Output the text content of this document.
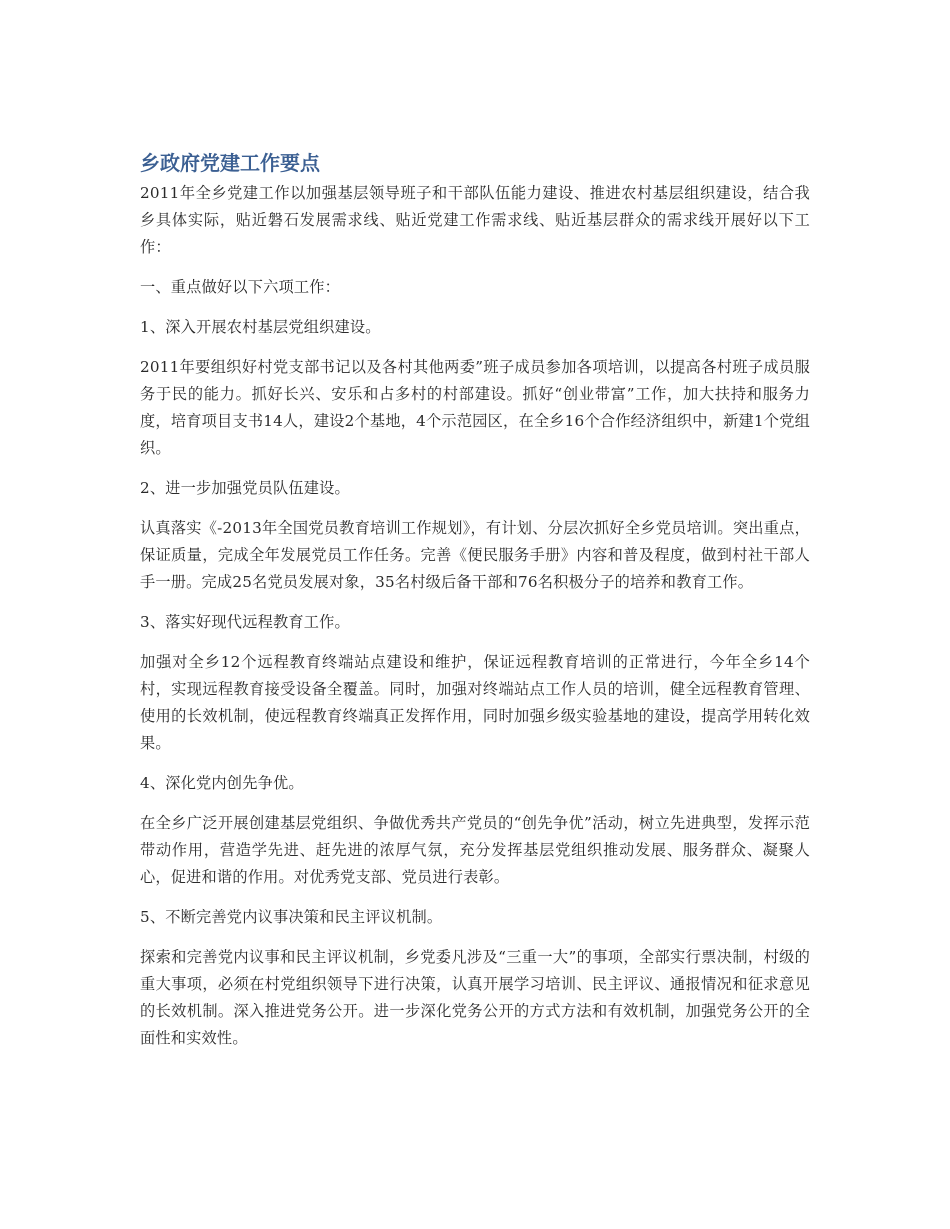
乡政府党建工作要点

2011年全乡党建工作以加强基层领导班子和干部队伍能力建设、推进农村基层组织建设，结合我乡具体实际，贴近磐石发展需求线、贴近党建工作需求线、贴近基层群众的需求线开展好以下工作：

一、重点做好以下六项工作：

1、深入开展农村基层党组织建设。

2011年要组织好村党支部书记以及各村其他两委”班子成员参加各项培训，以提高各村班子成员服务于民的能力。抓好长兴、安乐和占多村的村部建设。抓好“创业带富”工作，加大扶持和服务力度，培育项目支书14人，建设2个基地，4个示范园区，在全乡16个合作经济组织中，新建1个党组织。

2、进一步加强党员队伍建设。

认真落实《-2013年全国党员教育培训工作规划》，有计划、分层次抓好全乡党员培训。突出重点，保证质量，完成全年发展党员工作任务。完善《便民服务手册》内容和普及程度，做到村社干部人手一册。完成25名党员发展对象，35名村级后备干部和76名积极分子的培养和教育工作。

3、落实好现代远程教育工作。

加强对全乡12个远程教育终端站点建设和维护，保证远程教育培训的正常进行，今年全乡14个村，实现远程教育接受设备全覆盖。同时，加强对终端站点工作人员的培训，健全远程教育管理、使用的长效机制，使远程教育终端真正发挥作用，同时加强乡级实验基地的建设，提高学用转化效果。

4、深化党内创先争优。

在全乡广泛开展创建基层党组织、争做优秀共产党员的“创先争优”活动，树立先进典型，发挥示范带动作用，营造学先进、赶先进的浓厚气氛，充分发挥基层党组织推动发展、服务群众、凝聚人心，促进和谐的作用。对优秀党支部、党员进行表彰。

5、不断完善党内议事决策和民主评议机制。

探索和完善党内议事和民主评议机制，乡党委凡涉及“三重一大”的事项，全部实行票决制，村级的重大事项，必须在村党组织领导下进行决策，认真开展学习培训、民主评议、通报情况和征求意见的长效机制。深入推进党务公开。进一步深化党务公开的方式方法和有效机制，加强党务公开的全面性和实效性。
